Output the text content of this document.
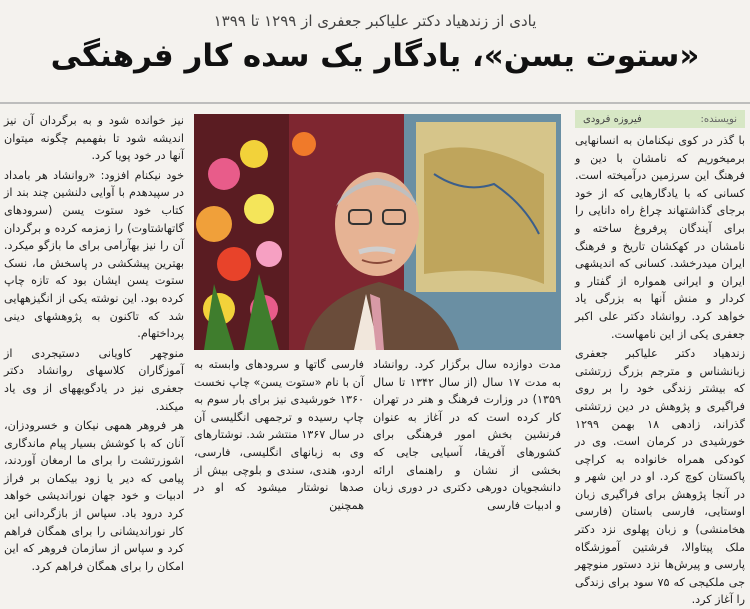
یادی از زندهیاد دکتر علیاکبر جعفری از ۱۲۹۹ تا ۱۳۹۹
«ستوت یسن»، یادگار یک سده کار فرهنگی
نویسنده:
فیروزه فرودی

با گذر در کوی نیکنامان به انسانهایی برمیخوریم که نامشان با دین و فرهنگ این سرزمین درآمیخته است. کسانی که با یادگارهایی که از خود برجای گذاشتهاند چراغ راه دانایی را برای آیندگان پرفروغ ساخته و نامشان در کهکشان تاریخ و فرهنگ ایران میدرخشد. کسانی که اندیشهی ایران و ایرانی همواره از گفتار و کردار و منش آنها به بزرگی یاد خواهد کرد. روانشاد دکتر علی اکبر جعفری یکی از این نامهاست.

زندهیاد دکتر علیاکبر جعفری زبانشناس و مترجم بزرگ زرتشتی که بیشتر زندگی خود را بر روی فراگیری و پژوهش در دین زرتشتی گذراند، زادهی ۱۸ بهمن ۱۲۹۹ خورشیدی در کرمان است. وی در کودکی همراه خانواده به کراچی پاکستان کوچ کرد. او در این شهر و در آنجا پژوهش برای فراگیری زبان اوستایی، فارسی باستان (فارسی هخامنشی) و زبان پهلوی نزد دکتر ملک پیتاوالا، فرشتین آموزشگاه پارسی و پیرش‌ها نزد دستور منوچهر جی ملکیجی که ۷۵ سود برای زندگی را آغاز کرد.

مدت دوازده سال برگزار کرد. روانشاد به مدت ۱۷ سال (از سال ۱۳۴۲ تا سال ۱۳۵۹) در وزارت فرهنگ و هنر در تهران کار کرده است که در آغاز به عنوان فرنشین بخش امور فرهنگی برای کشورهای آفریقا، آسیایی جایی که بخشی از نشان و راهنمای ارائه دانشجویان دورهی دکتری در دوری زبان و ادبیات فارسی

فارسی گاتها و سرودهای وابسته به آن با نام «ستوت یسن» چاپ نخست ۱۳۶۰ خورشیدی نیز برای بار سوم به چاپ رسیده و ترجمهی انگلیسی آن در سال ۱۳۶۷ منتشر شد. نوشتارهای وی به زبانهای انگلیسی، فارسی، اردو، هندی، سندی و بلوچی بیش از صدها نوشتار میشود که او در همچنین

نیز خوانده شود و به برگردان آن نیز اندیشه شود تا بفهمیم چگونه میتوان آنها در خود پویا کرد.

خود نیکنام افزود: «روانشاد هر بامداد در سپیدهدم با آوایی دلنشین چند بند از کتاب خود ستوت یسن (سرودهای گاتهاشتاوت) را زمزمه کرده و برگردان آن را نیز بهآرامی برای ما بازگو میکرد. بهترین پیشکشی در پاسخش ما، نسک ستوت یسن ایشان بود که تازه چاپ کرده بود. این نوشته یکی از انگیزههایی شد که تاکنون به پژوهشهای دینی پرداختهام.

منوچهر کاویانی دستیجردی از آموزگاران کلاسهای روانشاد دکتر جعفری نیز در یادگویههای از وی یاد میکند.

هر فروهر همهی نیکان و خسرودزان، آنان که با کوشش بسیار پیام ماندگاری اشوزرتشت را برای ما ارمغان آوردند، پیامی که دیر یا زود بیکمان بر فراز ادبیات و خود جهان نوراندیشی خواهد کرد درود باد. سپاس از بازگردانی این کار نوراندیشانی را برای همگان فراهم کرد و سپاس از سازمان فروهر که این امکان را برای همگان فراهم کرد.
